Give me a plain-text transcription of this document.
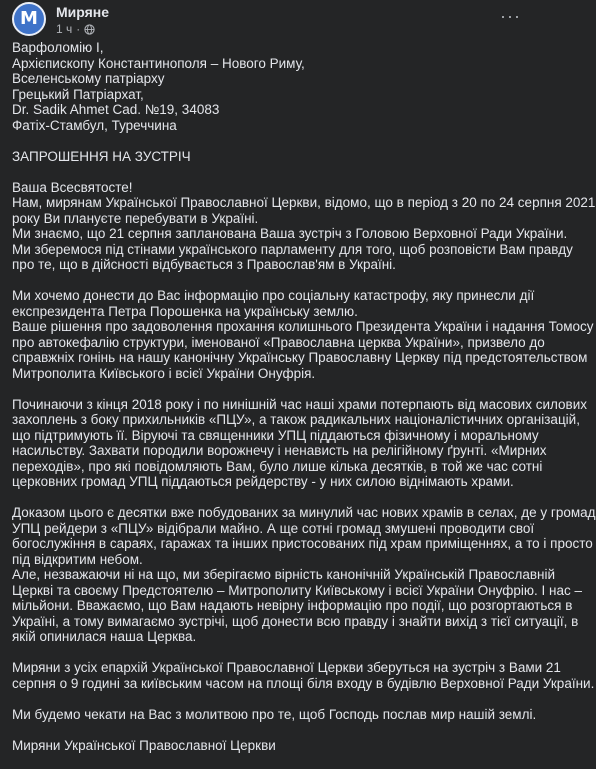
М Миряне
1 ч ·
···

Варфоломію І,
Архієпископу Константинополя – Нового Риму,
Вселенському патріарху
Грецький Патріархат,
Dr. Sadik Ahmet Cad. №19, 34083
Фатіх-Стамбул, Туреччина

ЗАПРОШЕННЯ НА ЗУСТРІЧ

Ваша Всесвятосте!
Нам, мирянам Української Православної Церкви, відомо, що в період з 20 по 24 серпня 2021
року Ви плануєте перебувати в Україні.
Ми знаємо, що 21 серпня запланована Ваша зустріч з Головою Верховної Ради України.
Ми зберемося під стінами українського парламенту для того, щоб розповісти Вам правду
про те, що в дійсності відбувається з Православ'ям в Україні.

Ми хочемо донести до Вас інформацію про соціальну катастрофу, яку принесли дії
експрезидента Петра Порошенка на українську землю.
Ваше рішення про задоволення прохання колишнього Президента України і надання Томосу
про автокефалію структури, іменованої «Православна церква України», призвело до
справжніх гонінь на нашу канонічну Українську Православну Церкву під предстоятельством
Митрополита Київського і всієї України Онуфрія.

Починаючи з кінця 2018 року і по нинішній час наші храми потерпають від масових силових
захоплень з боку прихильників «ПЦУ», а також радикальних націоналістичних організацій,
що підтримують її. Віруючі та священники УПЦ піддаються фізичному і моральному
насильству. Захвати породили ворожнечу і ненависть на релігійному ґрунті. «Мирних
переходів», про які повідомляють Вам, було лише кілька десятків, в той же час сотні
церковних громад УПЦ піддаються рейдерству - у них силою віднімають храми.

Доказом цього є десятки вже побудованих за минулий час нових храмів в селах, де у громад
УПЦ рейдери з «ПЦУ» відібрали майно. А ще сотні громад змушені проводити свої
богослужіння в сараях, гаражах та інших пристосованих під храм приміщеннях, а то і просто
під відкритим небом.
Але, незважаючи ні на що, ми зберігаємо вірність канонічній Українській Православній
Церкві та своєму Предстоятелю – Митрополиту Київському і всієї України Онуфрію. І нас –
мільйони. Вважаємо, що Вам надають невірну інформацію про події, що розгортаються в
Україні, а тому вимагаємо зустрічі, щоб донести всю правду і знайти вихід з тієї ситуації, в
якій опинилася наша Церква.

Миряни з усіх епархій Української Православної Церкви зберуться на зустріч з Вами 21
серпня о 9 годині за київським часом на площі біля входу в будівлю Верховної Ради України.

Ми будемо чекати на Вас з молитвою про те, щоб Господь послав мир нашій землі.

Миряни Української Православної Церкви
